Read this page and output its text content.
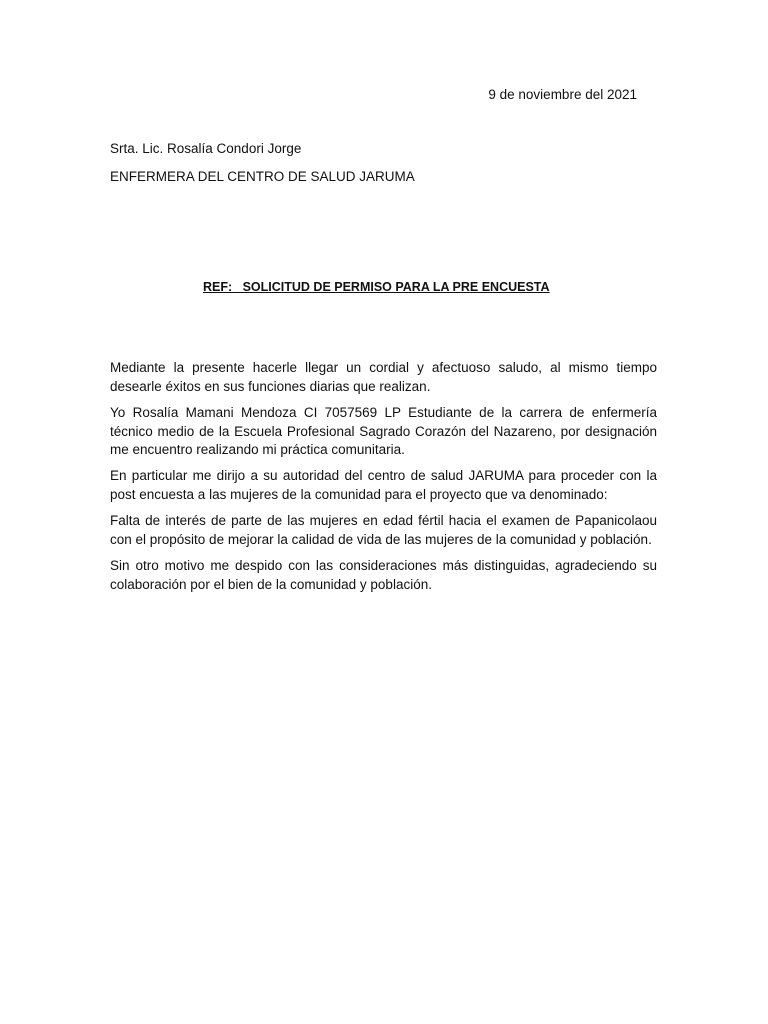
9 de noviembre del 2021
Srta. Lic. Rosalía Condori Jorge
ENFERMERA DEL CENTRO DE SALUD JARUMA
REF:   SOLICITUD DE PERMISO PARA LA PRE ENCUESTA

Mediante la presente hacerle llegar un cordial y afectuoso saludo, al mismo tiempo desearle éxitos en sus funciones diarias que realizan.

Yo Rosalía Mamani Mendoza CI 7057569 LP Estudiante de la carrera de enfermería técnico medio de la Escuela Profesional Sagrado Corazón del Nazareno, por designación me encuentro realizando mi práctica comunitaria.

En particular me dirijo a su autoridad del centro de salud JARUMA para proceder con la post encuesta a las mujeres de la comunidad para el proyecto que va denominado:

Falta de interés de parte de las mujeres en edad fértil hacia el examen de Papanicolaou con el propósito de mejorar la calidad de vida de las mujeres de la comunidad y población.

Sin otro motivo me despido con las consideraciones más distinguidas, agradeciendo su colaboración por el bien de la comunidad y población.
